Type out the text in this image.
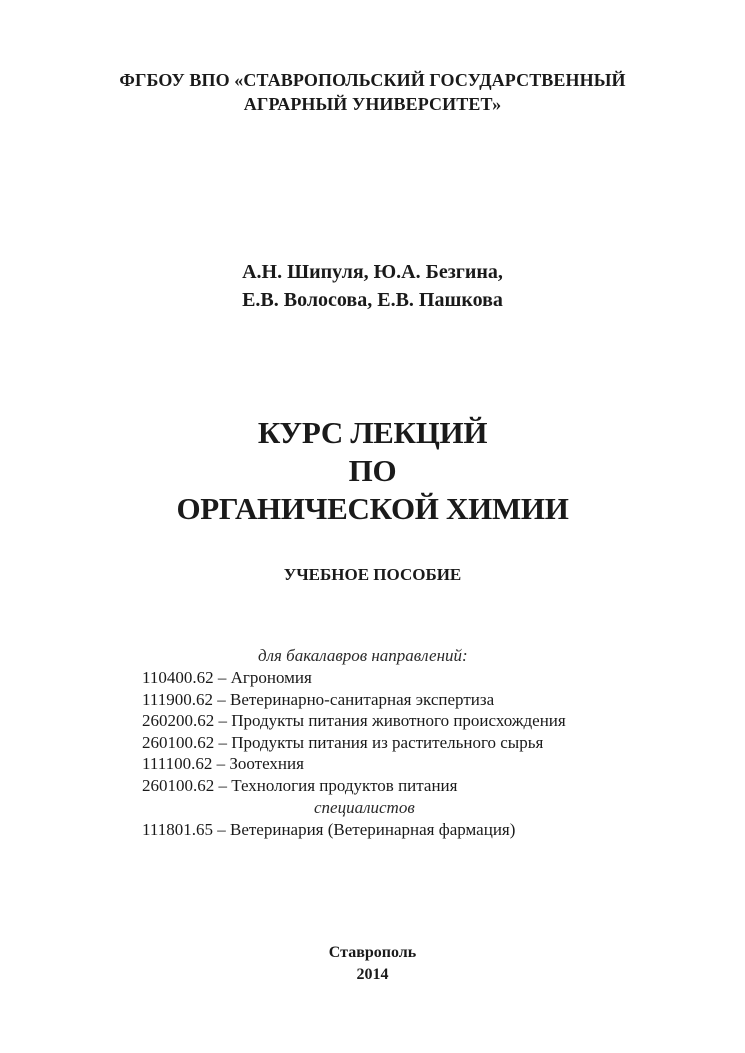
ФГБОУ ВПО «СТАВРОПОЛЬСКИЙ ГОСУДАРСТВЕННЫЙ
АГРАРНЫЙ УНИВЕРСИТЕТ»
А.Н. Шипуля, Ю.А. Безгина,
Е.В. Волосова, Е.В. Пашкова
КУРС ЛЕКЦИЙ
ПО
ОРГАНИЧЕСКОЙ ХИМИИ
УЧЕБНОЕ ПОСОБИЕ
для бакалавров направлений:
110400.62 – Агрономия
111900.62 – Ветеринарно-санитарная экспертиза
260200.62 – Продукты питания животного происхождения
260100.62 – Продукты питания из растительного сырья
111100.62 – Зоотехния
260100.62 – Технология продуктов питания
специалистов
111801.65 – Ветеринария (Ветеринарная фармация)
Ставрополь
2014
